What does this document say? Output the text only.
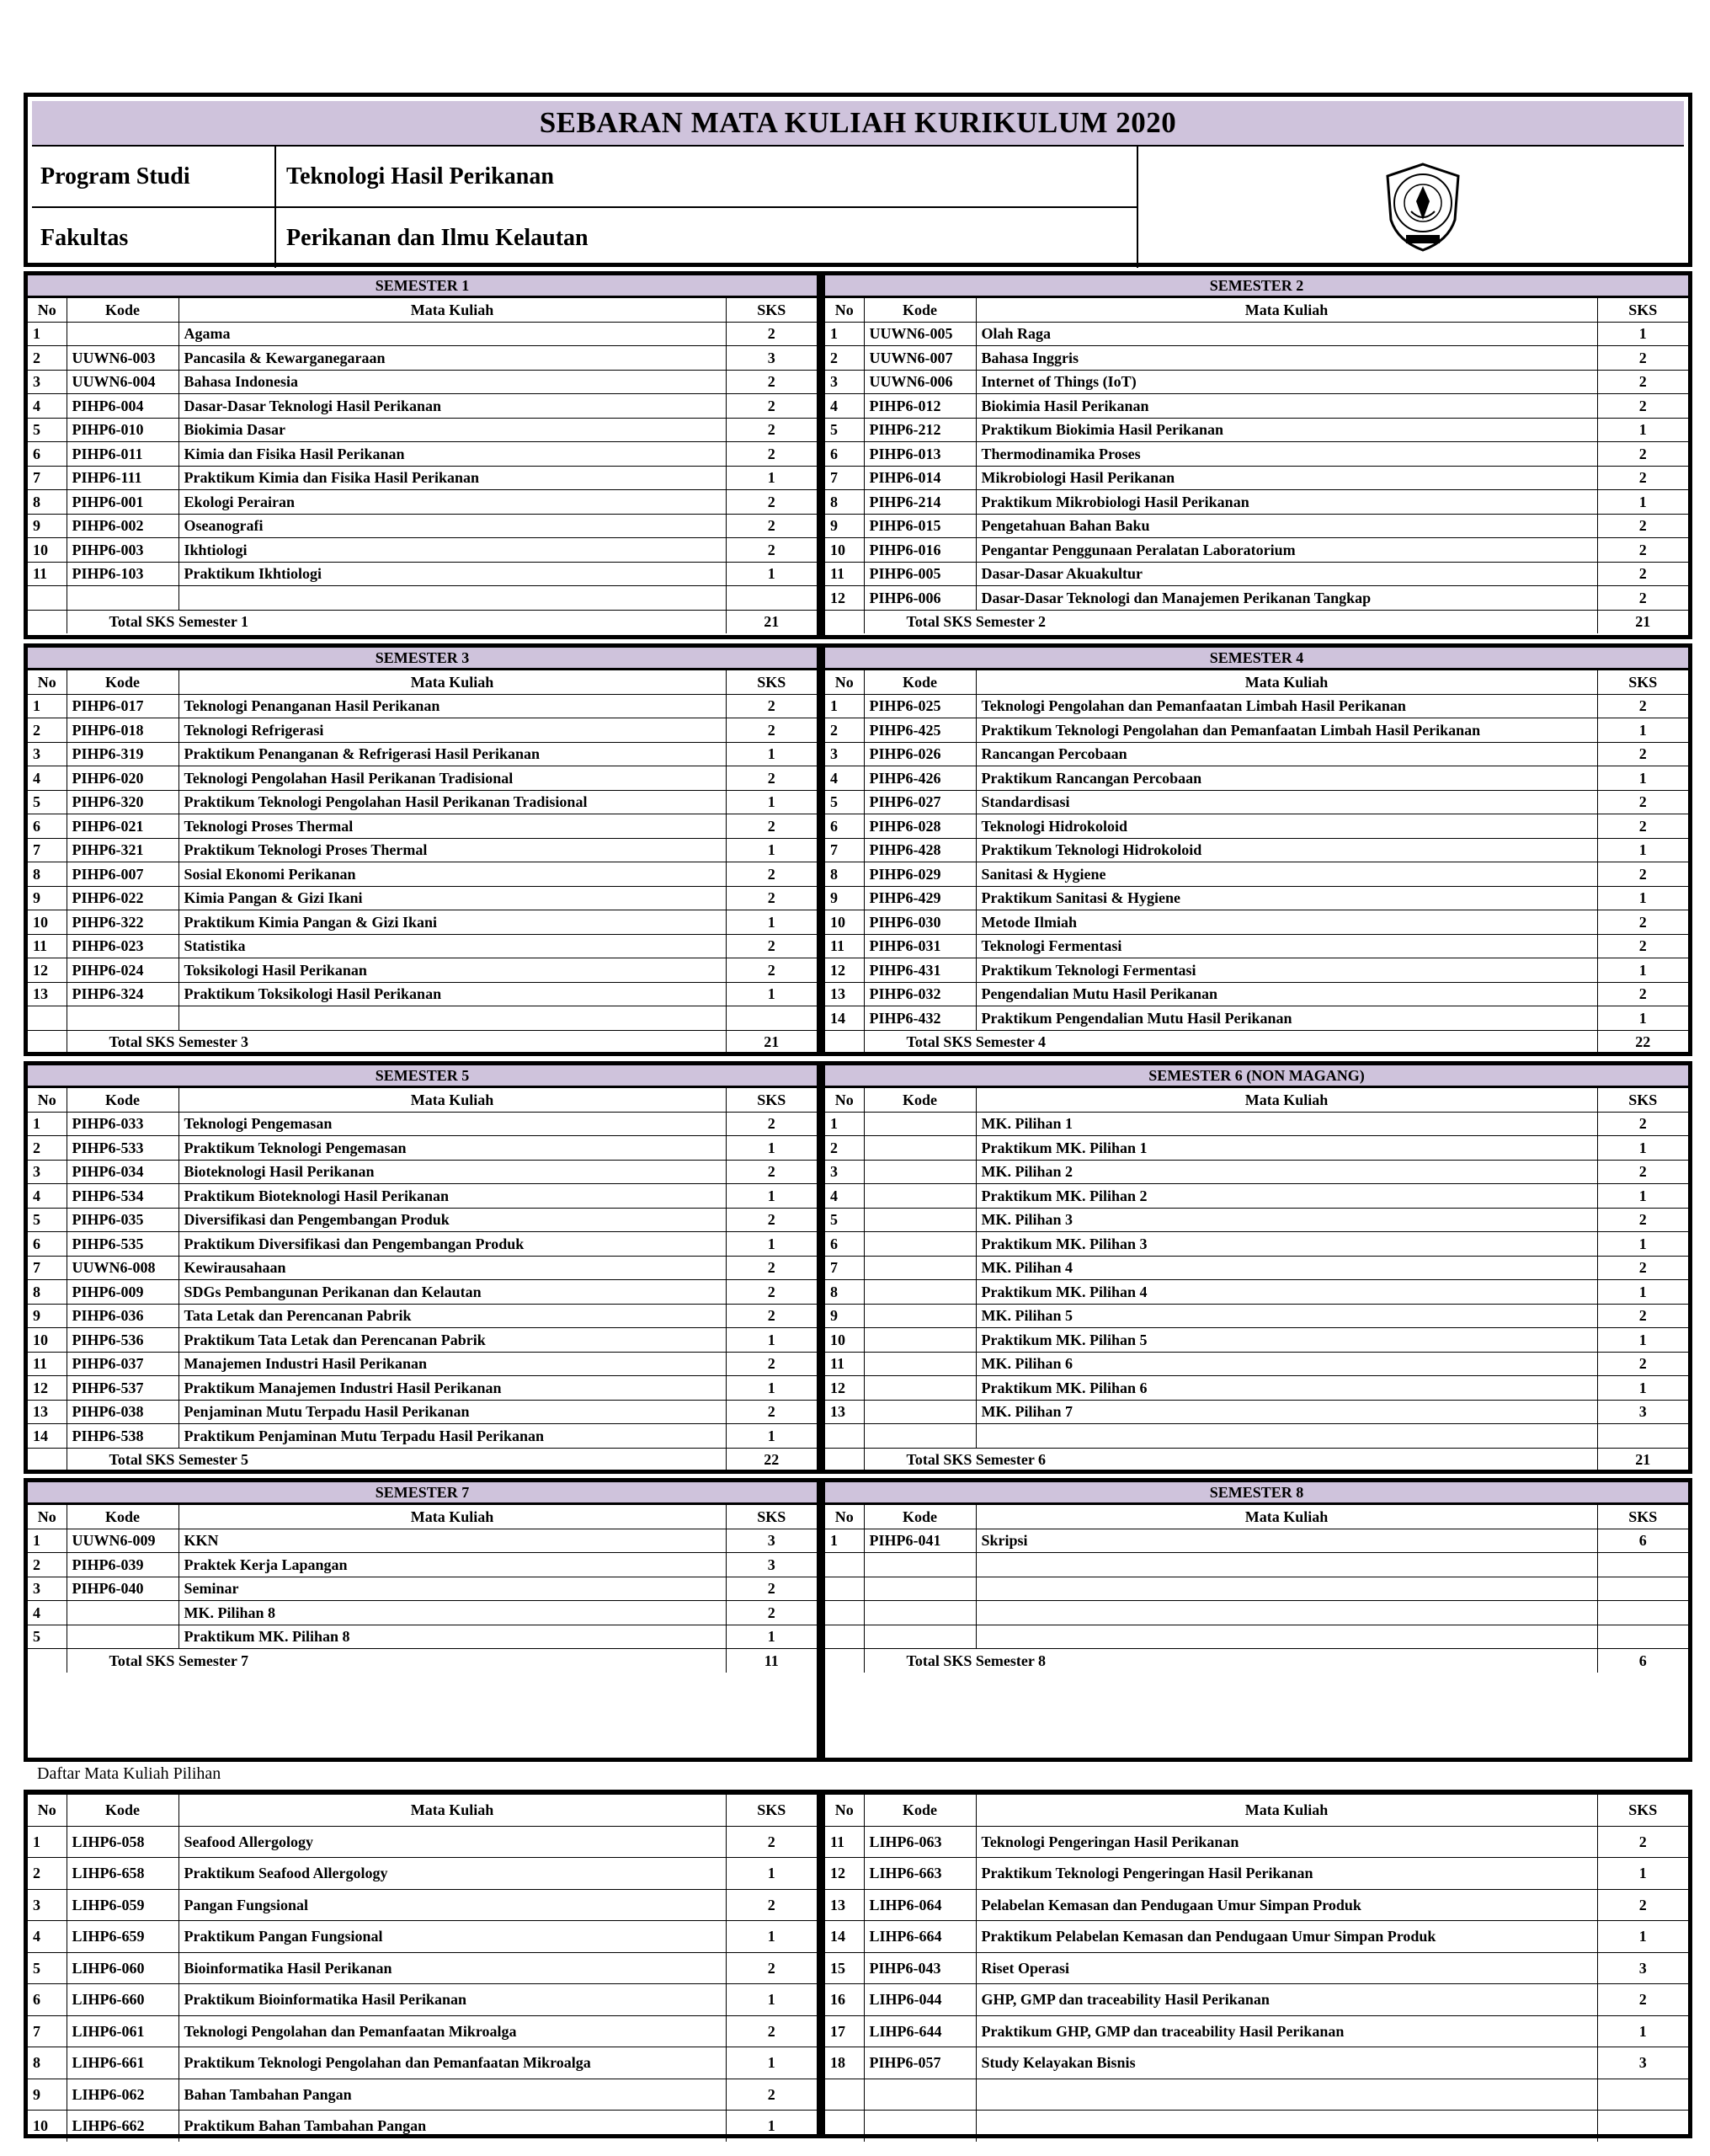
SEBARAN MATA KULIAH KURIKULUM 2020
Program Studi	Teknologi Hasil Perikanan
Fakultas	Perikanan dan Ilmu Kelautan
SEMESTER 1
No	Kode	Mata Kuliah	SKS
1		Agama	2
2	UUWN6-003	Pancasila & Kewarganegaraan	3
3	UUWN6-004	Bahasa Indonesia	2
4	PIHP6-004	Dasar-Dasar Teknologi Hasil Perikanan	2
5	PIHP6-010	Biokimia Dasar	2
6	PIHP6-011	Kimia dan Fisika Hasil Perikanan	2
7	PIHP6-111	Praktikum Kimia dan Fisika Hasil Perikanan	1
8	PIHP6-001	Ekologi Perairan	2
9	PIHP6-002	Oseanografi	2
10	PIHP6-003	Ikhtiologi	2
11	PIHP6-103	Praktikum Ikhtiologi	1

	Total SKS Semester 1		21
SEMESTER 2
No	Kode	Mata Kuliah	SKS
1	UUWN6-005	Olah Raga	1
2	UUWN6-007	Bahasa Inggris	2
3	UUWN6-006	Internet of Things (IoT)	2
4	PIHP6-012	Biokimia Hasil Perikanan	2
5	PIHP6-212	Praktikum Biokimia Hasil Perikanan	1
6	PIHP6-013	Thermodinamika Proses	2
7	PIHP6-014	Mikrobiologi Hasil Perikanan	2
8	PIHP6-214	Praktikum Mikrobiologi Hasil Perikanan	1
9	PIHP6-015	Pengetahuan Bahan Baku	2
10	PIHP6-016	Pengantar Penggunaan Peralatan Laboratorium	2
11	PIHP6-005	Dasar-Dasar Akuakultur	2
12	PIHP6-006	Dasar-Dasar Teknologi dan Manajemen Perikanan Tangkap	2
	Total SKS Semester 2		21
SEMESTER 3
No	Kode	Mata Kuliah	SKS
1	PIHP6-017	Teknologi Penanganan Hasil Perikanan	2
2	PIHP6-018	Teknologi Refrigerasi	2
3	PIHP6-319	Praktikum Penanganan & Refrigerasi Hasil Perikanan	1
4	PIHP6-020	Teknologi Pengolahan Hasil Perikanan Tradisional	2
5	PIHP6-320	Praktikum Teknologi Pengolahan Hasil Perikanan Tradisional	1
6	PIHP6-021	Teknologi Proses Thermal	2
7	PIHP6-321	Praktikum Teknologi Proses Thermal	1
8	PIHP6-007	Sosial Ekonomi Perikanan	2
9	PIHP6-022	Kimia Pangan & Gizi Ikani	2
10	PIHP6-322	Praktikum Kimia Pangan & Gizi Ikani	1
11	PIHP6-023	Statistika	2
12	PIHP6-024	Toksikologi Hasil Perikanan	2
13	PIHP6-324	Praktikum Toksikologi Hasil Perikanan	1

	Total SKS Semester 3		21
SEMESTER 4
No	Kode	Mata Kuliah	SKS
1	PIHP6-025	Teknologi Pengolahan dan Pemanfaatan Limbah Hasil Perikanan	2
2	PIHP6-425	Praktikum Teknologi Pengolahan dan Pemanfaatan Limbah Hasil Perikanan	1
3	PIHP6-026	Rancangan Percobaan	2
4	PIHP6-426	Praktikum Rancangan Percobaan	1
5	PIHP6-027	Standardisasi	2
6	PIHP6-028	Teknologi Hidrokoloid	2
7	PIHP6-428	Praktikum Teknologi Hidrokoloid	1
8	PIHP6-029	Sanitasi & Hygiene	2
9	PIHP6-429	Praktikum Sanitasi & Hygiene	1
10	PIHP6-030	Metode Ilmiah	2
11	PIHP6-031	Teknologi Fermentasi	2
12	PIHP6-431	Praktikum Teknologi Fermentasi	1
13	PIHP6-032	Pengendalian Mutu Hasil Perikanan	2
14	PIHP6-432	Praktikum Pengendalian Mutu Hasil Perikanan	1
	Total SKS Semester 4		22
SEMESTER 5
No	Kode	Mata Kuliah	SKS
1	PIHP6-033	Teknologi Pengemasan	2
2	PIHP6-533	Praktikum Teknologi Pengemasan	1
3	PIHP6-034	Bioteknologi Hasil Perikanan	2
4	PIHP6-534	Praktikum Bioteknologi Hasil Perikanan	1
5	PIHP6-035	Diversifikasi dan Pengembangan Produk	2
6	PIHP6-535	Praktikum Diversifikasi dan Pengembangan Produk	1
7	UUWN6-008	Kewirausahaan	2
8	PIHP6-009	SDGs Pembangunan Perikanan dan Kelautan	2
9	PIHP6-036	Tata Letak dan Perencanan Pabrik	2
10	PIHP6-536	Praktikum Tata Letak dan Perencanan Pabrik	1
11	PIHP6-037	Manajemen Industri Hasil Perikanan	2
12	PIHP6-537	Praktikum Manajemen Industri Hasil Perikanan	1
13	PIHP6-038	Penjaminan Mutu Terpadu Hasil Perikanan	2
14	PIHP6-538	Praktikum Penjaminan Mutu Terpadu Hasil Perikanan	1
	Total SKS Semester 5		22
SEMESTER 6 (NON MAGANG)
No	Kode	Mata Kuliah	SKS
1		MK. Pilihan 1	2
2		Praktikum MK. Pilihan 1	1
3		MK. Pilihan 2	2
4		Praktikum MK. Pilihan 2	1
5		MK. Pilihan 3	2
6		Praktikum MK. Pilihan 3	1
7		MK. Pilihan 4	2
8		Praktikum MK. Pilihan 4	1
9		MK. Pilihan 5	2
10		Praktikum MK. Pilihan 5	1
11		MK. Pilihan 6	2
12		Praktikum MK. Pilihan 6	1
13		MK. Pilihan 7	3

	Total SKS Semester 6		21
SEMESTER 7
No	Kode	Mata Kuliah	SKS
1	UUWN6-009	KKN	3
2	PIHP6-039	Praktek Kerja Lapangan	3
3	PIHP6-040	Seminar	2
4		MK. Pilihan 8	2
5		Praktikum MK. Pilihan 8	1
	Total SKS Semester 7		11
SEMESTER 8
No	Kode	Mata Kuliah	SKS
1	PIHP6-041	Skripsi	6

	Total SKS Semester 8		6
Daftar Mata Kuliah Pilihan
No	Kode	Mata Kuliah	SKS
1	LIHP6-058	Seafood Allergology	2
2	LIHP6-658	Praktikum Seafood Allergology	1
3	LIHP6-059	Pangan Fungsional	2
4	LIHP6-659	Praktikum Pangan Fungsional	1
5	LIHP6-060	Bioinformatika Hasil Perikanan	2
6	LIHP6-660	Praktikum Bioinformatika Hasil Perikanan	1
7	LIHP6-061	Teknologi Pengolahan dan Pemanfaatan Mikroalga	2
8	LIHP6-661	Praktikum Teknologi Pengolahan dan Pemanfaatan Mikroalga	1
9	LIHP6-062	Bahan Tambahan Pangan	2
10	LIHP6-662	Praktikum Bahan Tambahan Pangan	1
No	Kode	Mata Kuliah	SKS
11	LIHP6-063	Teknologi Pengeringan Hasil Perikanan	2
12	LIHP6-663	Praktikum Teknologi Pengeringan Hasil Perikanan	1
13	LIHP6-064	Pelabelan Kemasan dan Pendugaan Umur Simpan Produk	2
14	LIHP6-664	Praktikum Pelabelan Kemasan dan Pendugaan Umur Simpan Produk	1
15	PIHP6-043	Riset Operasi	3
16	LIHP6-044	GHP, GMP dan traceability Hasil Perikanan	2
17	LIHP6-644	Praktikum GHP, GMP dan traceability Hasil Perikanan	1
18	PIHP6-057	Study Kelayakan Bisnis	3
